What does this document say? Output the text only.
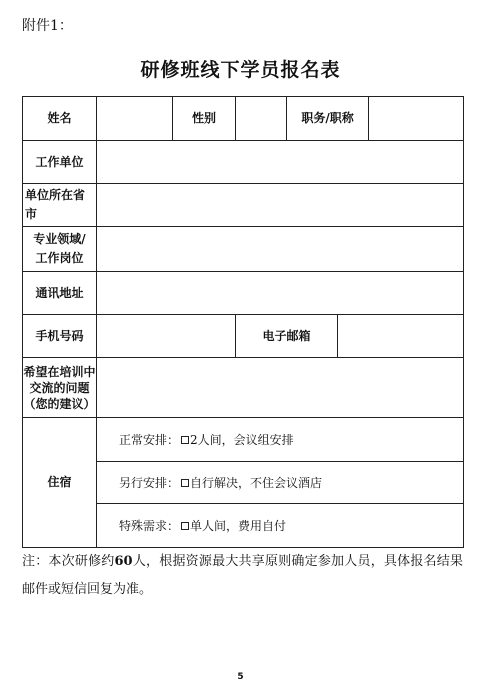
附件1：
研修班线下学员报名表
姓名		性别		职务/职称		
工作单位						
单位所在省市						

专业领域/
工作岗位						

通讯地址						
手机号码			电子邮箱			

希望在培训中
交流的问题
（您的建议）						

住宿	正常安排： 2人间，会议组安排					
	另行安排： 自行解决，不住会议酒店					
	特殊需求： 单人间，费用自付					
注：本次研修约60人，根据资源最大共享原则确定参加人员，具体报名结果邮件或短信回复为准。
5
